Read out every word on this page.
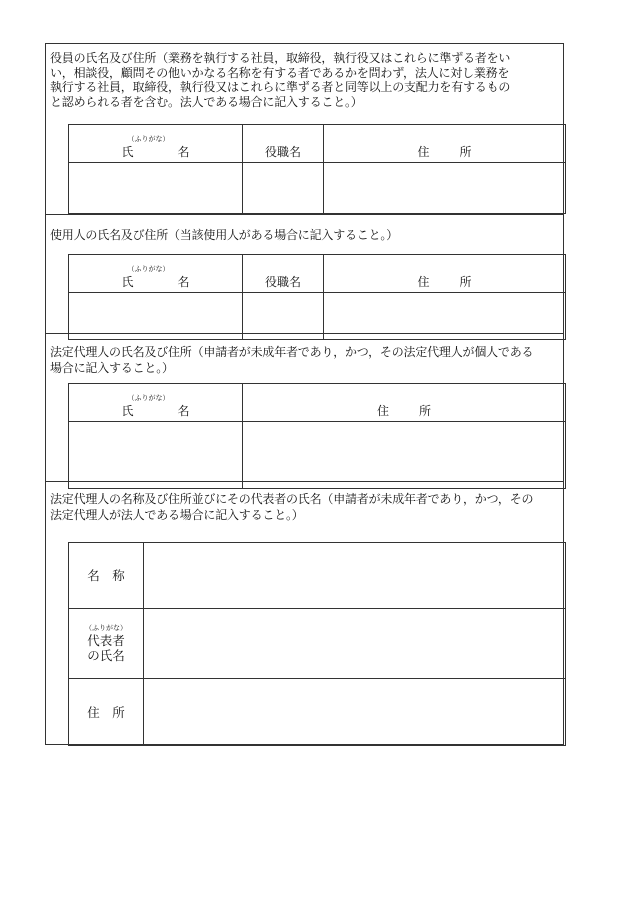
役員の氏名及び住所（業務を執行する社員，取締役，執行役又はこれらに準ずる者をい
い，相談役，顧問その他いかなる名称を有する者であるかを問わず，法人に対し業務を
執行する社員，取締役，執行役又はこれらに準ずる者と同等以上の支配力を有するもの
と認められる者を含む。法人である場合に記入すること。）
（ふりがな）
氏 名	役職名	住 所

使用人の氏名及び住所（当該使用人がある場合に記入すること。）
（ふりがな）
氏 名	役職名	住 所

法定代理人の氏名及び住所（申請者が未成年者であり，かつ，その法定代理人が個人である
場合に記入すること。）
（ふりがな）
氏 名	住 所

法定代理人の名称及び住所並びにその代表者の氏名（申請者が未成年者であり，かつ，その
法定代理人が法人である場合に記入すること。）
名　称	

（ふりがな）
代表者
の氏名	

住　所	
